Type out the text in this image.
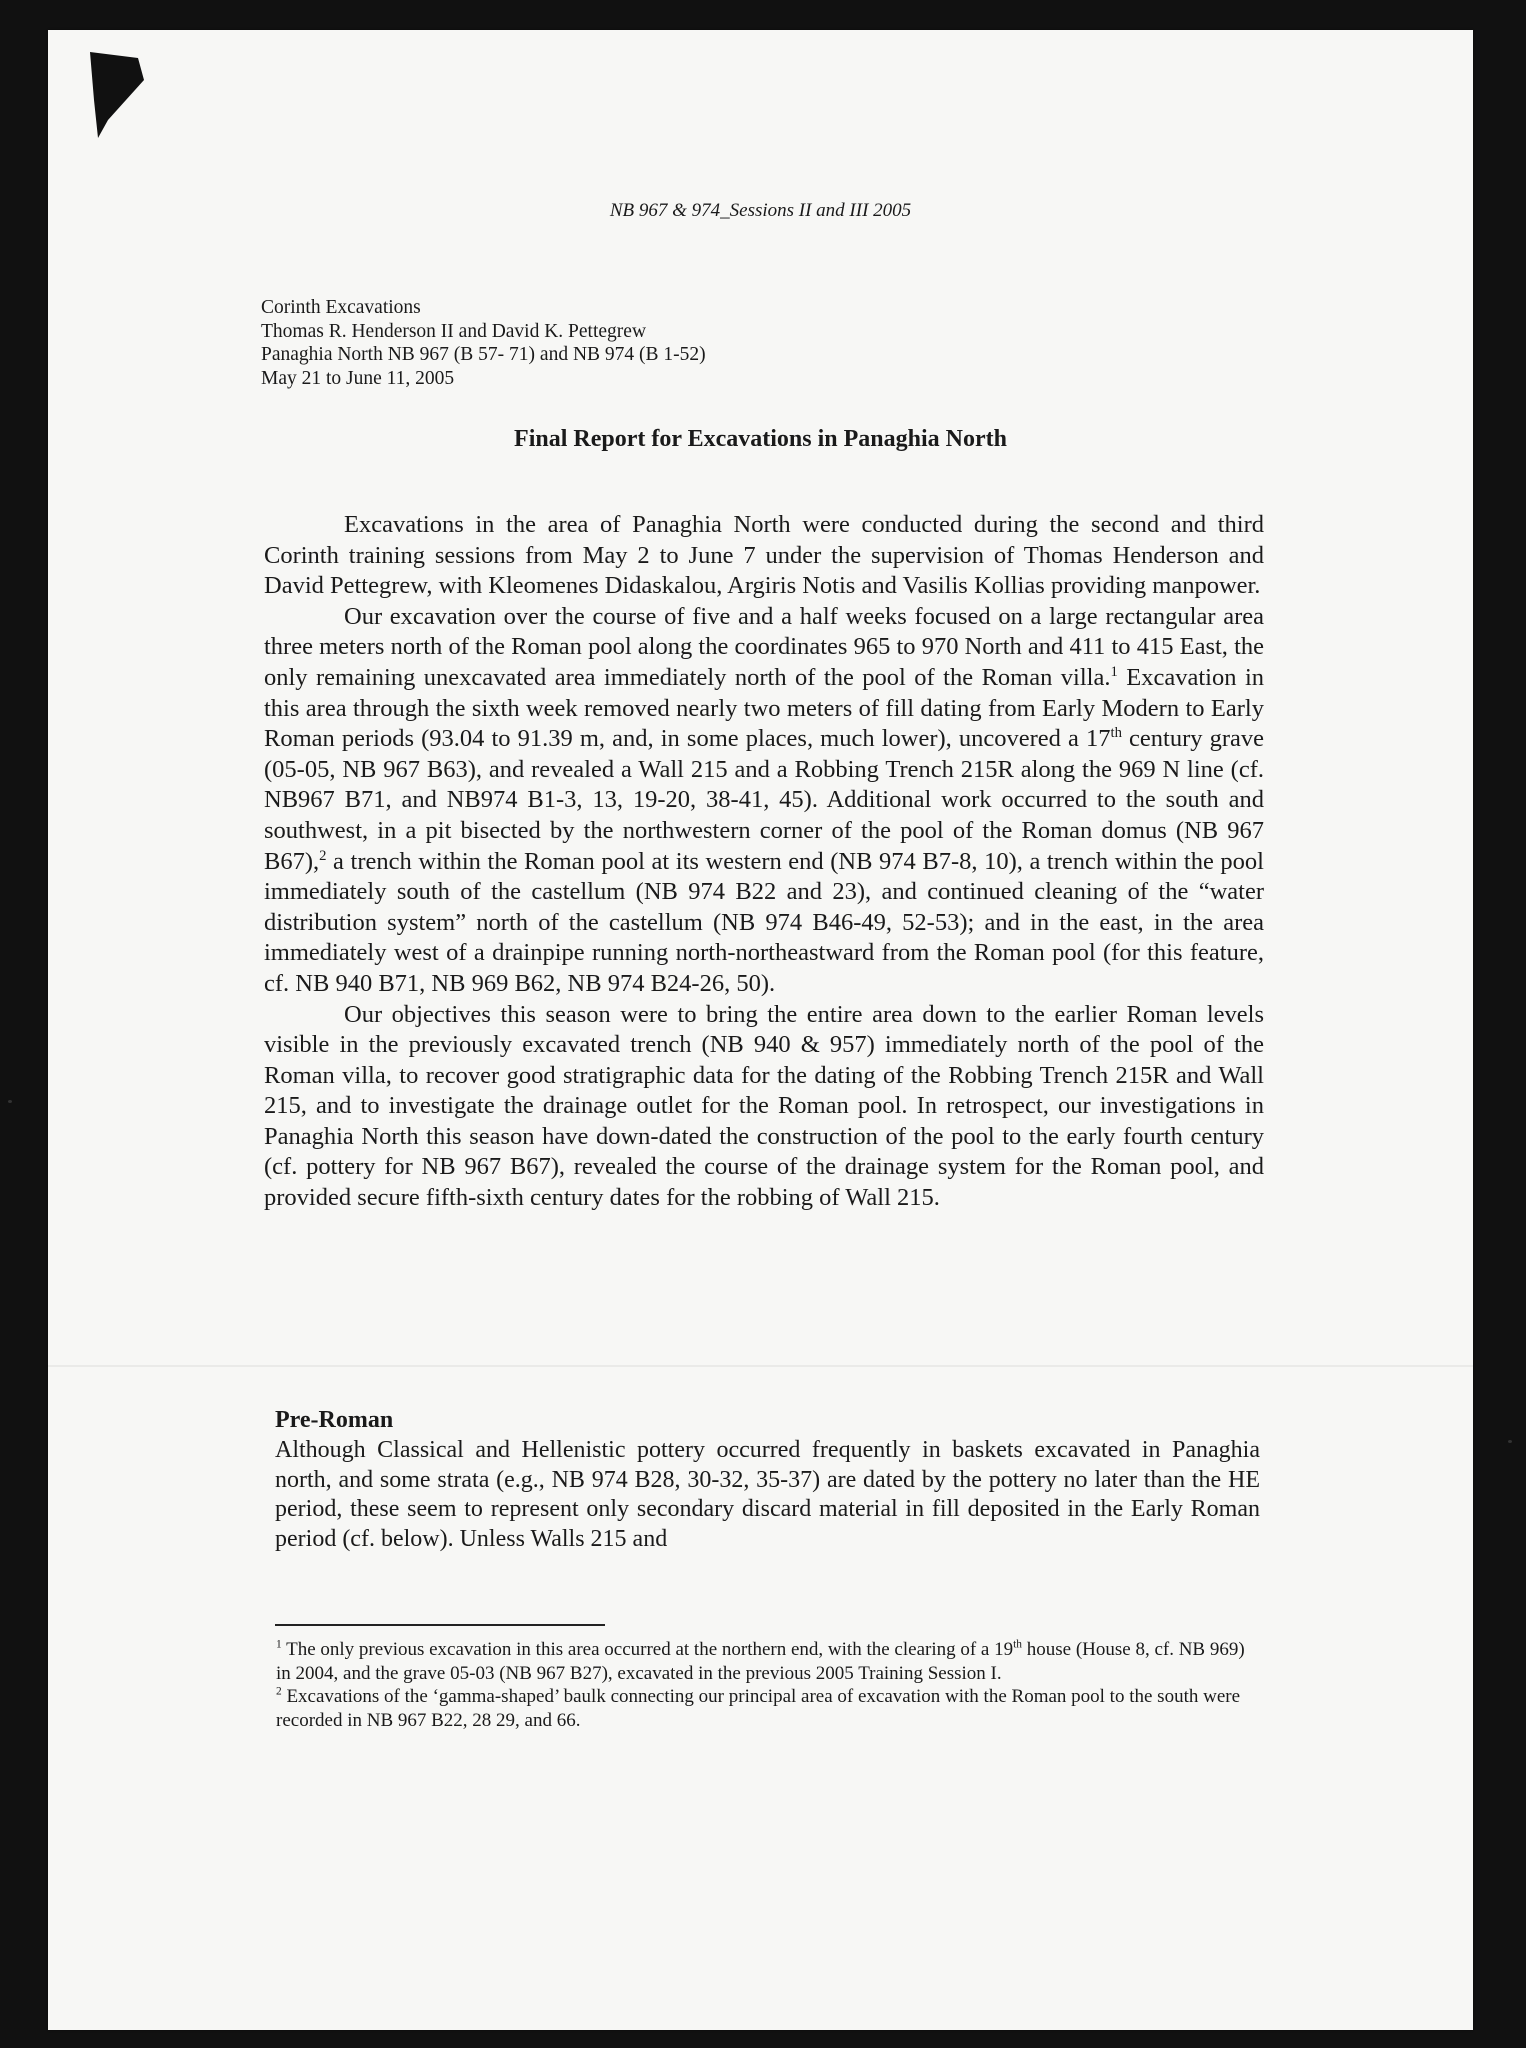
NB 967 & 974_Sessions II and III 2005
Corinth Excavations
Thomas R. Henderson II and David K. Pettegrew
Panaghia North NB 967 (B 57- 71) and NB 974 (B 1-52)
May 21 to June 11, 2005
Final Report for Excavations in Panaghia North

Excavations in the area of Panaghia North were conducted during the second and third Corinth training sessions from May 2 to June 7 under the supervision of Thomas Henderson and David Pettegrew, with Kleomenes Didaskalou, Argiris Notis and Vasilis Kollias providing manpower.

Our excavation over the course of five and a half weeks focused on a large rectangular area three meters north of the Roman pool along the coordinates 965 to 970 North and 411 to 415 East, the only remaining unexcavated area immediately north of the pool of the Roman villa.$^1$ Excavation in this area through the sixth week removed nearly two meters of fill dating from Early Modern to Early Roman periods (93.04 to 91.39 m, and, in some places, much lower), uncovered a 17th century grave (05-05, NB 967 B63), and revealed a Wall 215 and a Robbing Trench 215R along the 969 N line (cf. NB967 B71, and NB974 B1-3, 13, 19-20, 38-41, 45). Additional work occurred to the south and southwest, in a pit bisected by the northwestern corner of the pool of the Roman domus (NB 967 B67),$^2$ a trench within the Roman pool at its western end (NB 974 B7-8, 10), a trench within the pool immediately south of the castellum (NB 974 B22 and 23), and continued cleaning of the “water distribution system” north of the castellum (NB 974 B46-49, 52-53); and in the east, in the area immediately west of a drainpipe running north-northeastward from the Roman pool (for this feature, cf. NB 940 B71, NB 969 B62, NB 974 B24-26, 50).

Our objectives this season were to bring the entire area down to the earlier Roman levels visible in the previously excavated trench (NB 940 & 957) immediately north of the pool of the Roman villa, to recover good stratigraphic data for the dating of the Robbing Trench 215R and Wall 215, and to investigate the drainage outlet for the Roman pool. In retrospect, our investigations in Panaghia North this season have down-dated the construction of the pool to the early fourth century (cf. pottery for NB 967 B67), revealed the course of the drainage system for the Roman pool, and provided secure fifth-sixth century dates for the robbing of Wall 215.

Pre-Roman
Although Classical and Hellenistic pottery occurred frequently in baskets excavated in Panaghia north, and some strata (e.g., NB 974 B28, 30-32, 35-37) are dated by the pottery no later than the HE period, these seem to represent only secondary discard material in fill deposited in the Early Roman period (cf. below). Unless Walls 215 and

$^1$ The only previous excavation in this area occurred at the northern end, with the clearing of a 19th house (House 8, cf. NB 969) in 2004, and the grave 05-03 (NB 967 B27), excavated in the previous 2005 Training Session I.

$^2$ Excavations of the ‘gamma-shaped’ baulk connecting our principal area of excavation with the Roman pool to the south were recorded in NB 967 B22, 28 29, and 66.
